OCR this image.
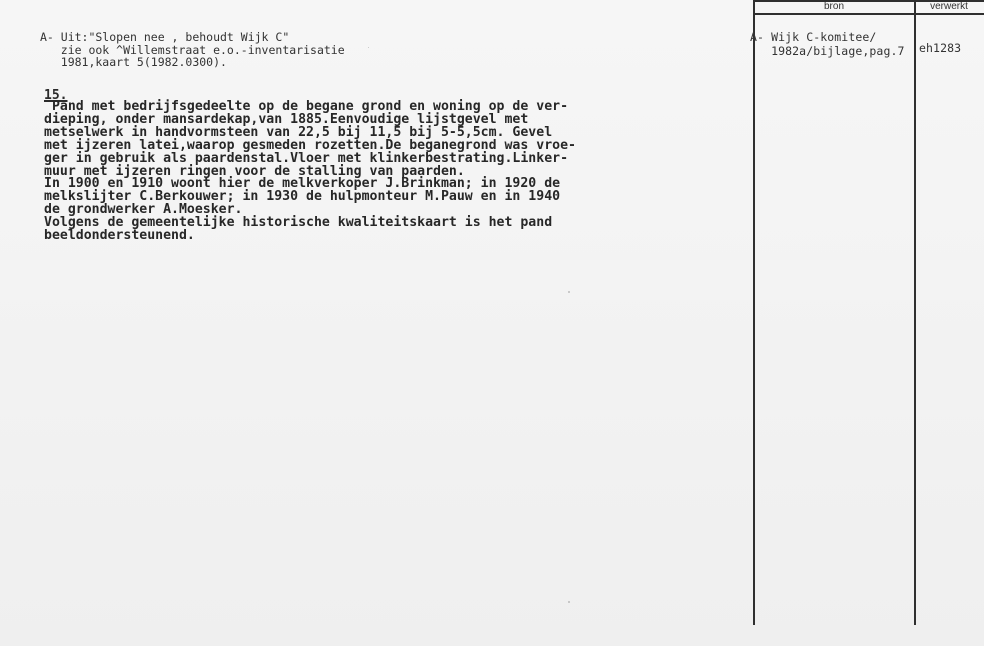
bron	verwerkt
A- Wijk C-komitee/
1982a/bijlage,pag.7 eh1283
A- Uit:"Slopen nee , behoudt Wijk C"
zie ook ^Willemstraat e.o.-inventarisatie
1981,kaart 5(1982.0300).
15.
Pand met bedrijfsgedeelte op de begane grond en woning op de ver-
dieping, onder mansardekap,van 1885.Eenvoudige lijstgevel met
metselwerk in handvormsteen van 22,5 bij 11,5 bij 5-5,5cm. Gevel
met ijzeren latei,waarop gesmeden rozetten.De beganegrond was vroe-
ger in gebruik als paardenstal.Vloer met klinkerbestrating.Linker-
muur met ijzeren ringen voor de stalling van paarden.
In 1900 en 1910 woont hier de melkverkoper J.Brinkman; in 1920 de
melkslijter C.Berkouwer; in 1930 de hulpmonteur M.Pauw en in 1940
de grondwerker A.Moesker.
Volgens de gemeentelijke historische kwaliteitskaart is het pand
beeldondersteunend.
